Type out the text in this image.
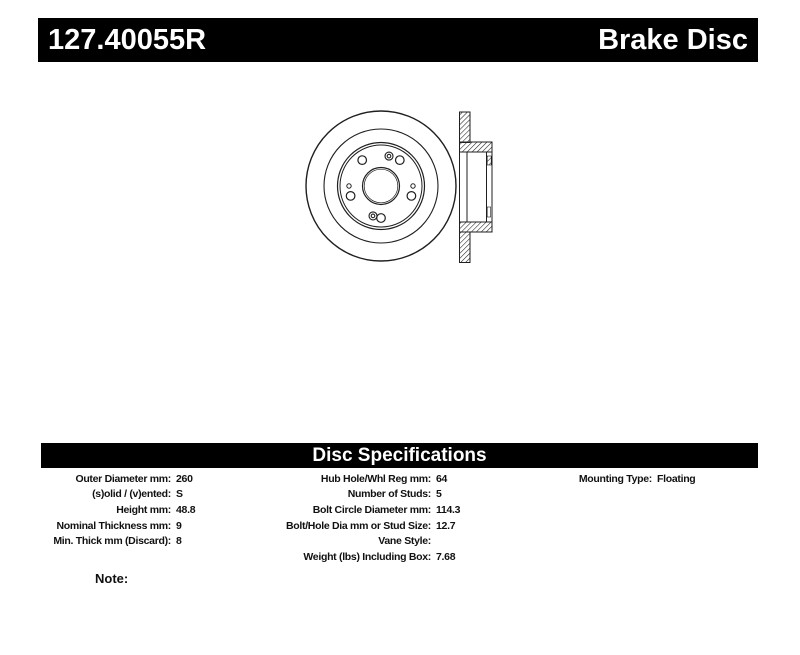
127.40055R	Brake Disc
Disc Specifications
Outer Diameter mm: 260
(s)olid / (v)ented: S
Height mm: 48.8
Nominal Thickness mm: 9
Min. Thick mm (Discard): 8
Hub Hole/Whl Reg mm: 64
Number of Studs: 5
Bolt Circle Diameter mm: 114.3
Bolt/Hole Dia mm or Stud Size: 12.7
Vane Style:
Weight (lbs) Including Box: 7.68
Mounting Type: Floating
Note:
